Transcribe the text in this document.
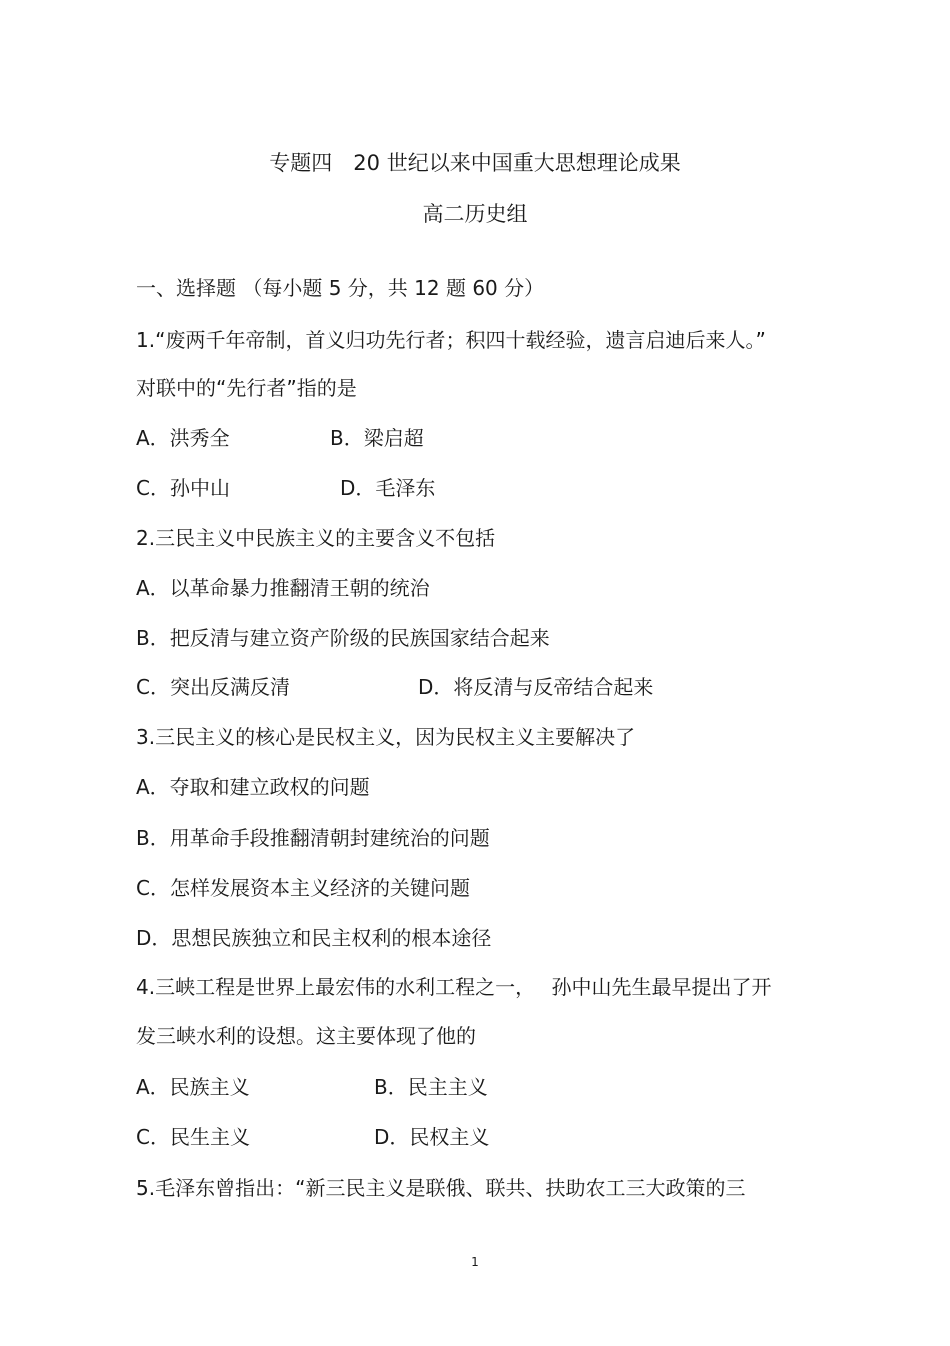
专题四　20 世纪以来中国重大思想理论成果
高二历史组
一、选择题 （每小题 5 分，共 12 题 60 分）
1.“废两千年帝制，首义归功先行者；积四十载经验，遗言启迪后来人。”
对联中的“先行者”指的是
A．洪秀全	B．梁启超
C．孙中山	D．毛泽东
2.三民主义中民族主义的主要含义不包括
A．以革命暴力推翻清王朝的统治
B．把反清与建立资产阶级的民族国家结合起来
C．突出反满反清	D．将反清与反帝结合起来
3.三民主义的核心是民权主义，因为民权主义主要解决了
A．夺取和建立政权的问题
B．用革命手段推翻清朝封建统治的问题
C．怎样发展资本主义经济的关键问题
D．思想民族独立和民主权利的根本途径
4.三峡工程是世界上最宏伟的水利工程之一，　 孙中山先生最早提出了开
发三峡水利的设想。这主要体现了他的
A．民族主义	B．民主主义
C．民生主义	D．民权主义
5.毛泽东曾指出：“新三民主义是联俄、联共、扶助农工三大政策的三
1
